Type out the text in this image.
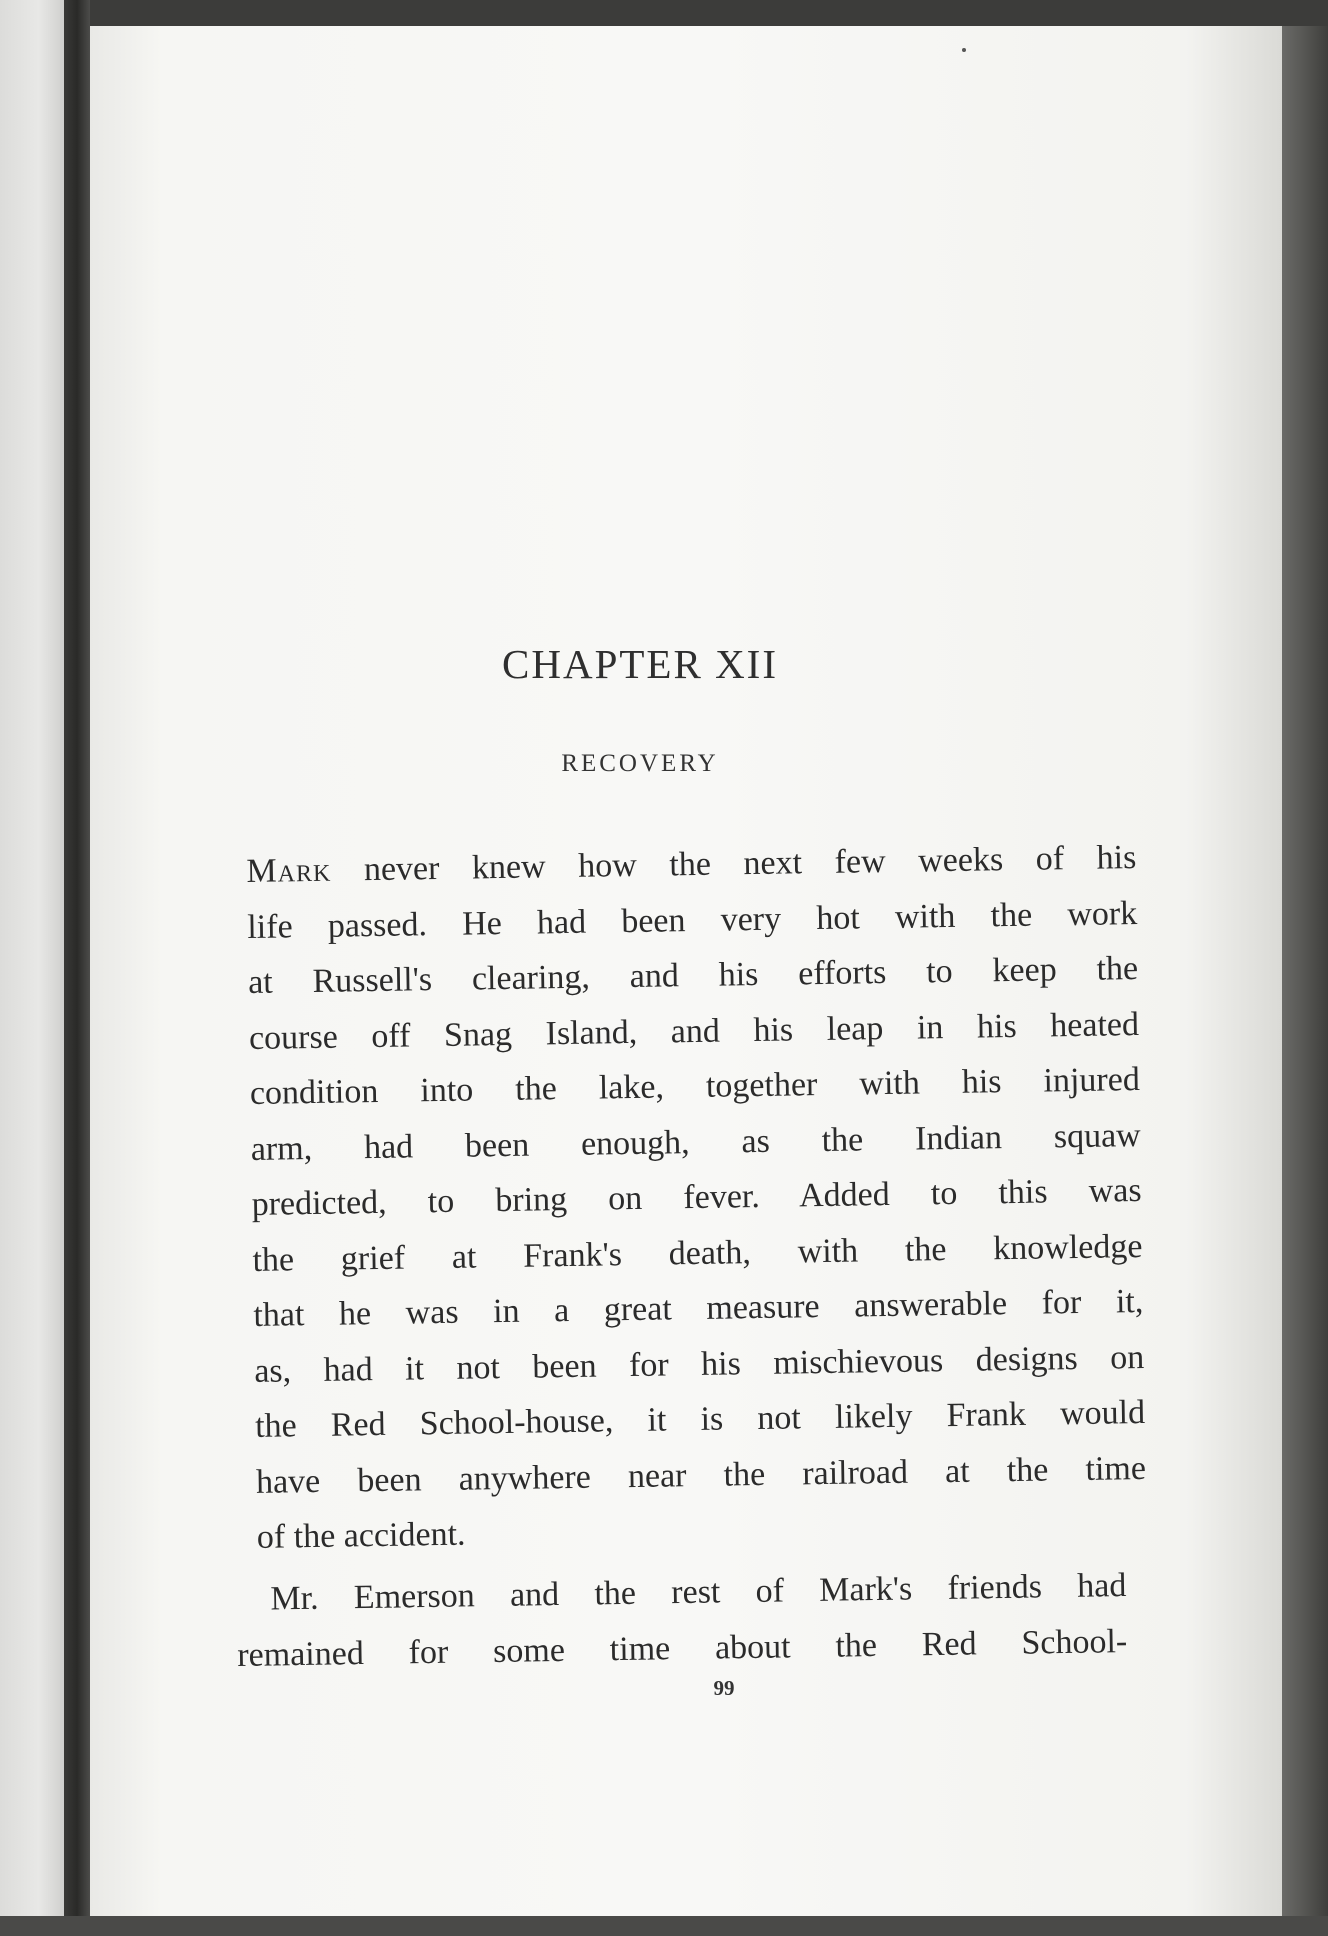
CHAPTER XII
RECOVERY
Mark never knew how the next few weeks of his
life passed. He had been very hot with the work
at Russell's clearing, and his efforts to keep the
course off Snag Island, and his leap in his heated
condition into the lake, together with his injured
arm, had been enough, as the Indian squaw
predicted, to bring on fever. Added to this was
the grief at Frank's death, with the knowledge
that he was in a great measure answerable for it,
as, had it not been for his mischievous designs on
the Red School-house, it is not likely Frank would
have been anywhere near the railroad at the time
of the accident.
Mr. Emerson and the rest of Mark's friends had
remained for some time about the Red School-
99
